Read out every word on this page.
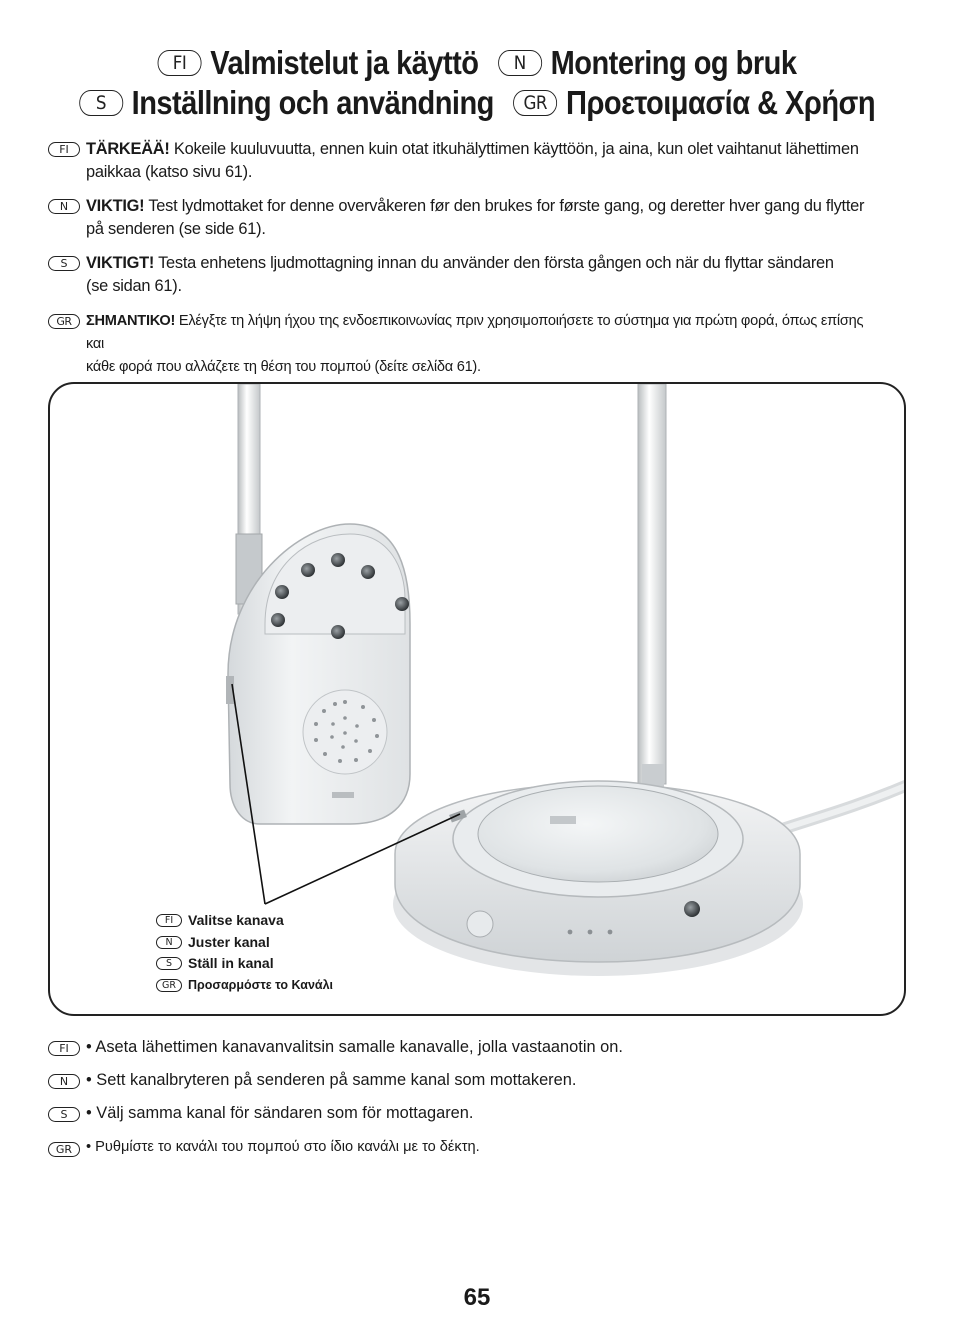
FI Valmistelut ja käyttö	N Montering og bruk
S Inställning och användning	GR Προετοιμασία & Χρήση
FI	TÄRKEÄÄ! Kokeile kuuluvuutta, ennen kuin otat itkuhälyttimen käyttöön, ja aina, kun olet vaihtanut lähettimen
paikkaa (katso sivu 61).
N	VIKTIG! Test lydmottaket for denne overvåkeren før den brukes for første gang, og deretter hver gang du flytter
på senderen (se side 61).
S	VIKTIGT! Testa enhetens ljudmottagning innan du använder den första gången och när du flyttar sändaren
(se sidan 61).
GR ΣΗΜΑΝΤΙΚΟ! Ελέγξτε τη λήψη ήχου της ενδοεπικοινωνίας πριν χρησιμοποιήσετε το σύστημα για πρώτη φορά, όπως επίσης και
κάθε φορά που αλλάζετε τη θέση του πομπού (δείτε σελίδα 61).
FI	Valitse kanava
N	Juster kanal
S	Ställ in kanal
GR Προσαρμόστε το Κανάλι
FI	• Aseta lähettimen kanavanvalitsin samalle kanavalle, jolla vastaanotin on.
N	• Sett kanalbryteren på senderen på samme kanal som mottakeren.
S	• Välj samma kanal för sändaren som för mottagaren.
GR • Ρυθμίστε το κανάλι του πομπού στο ίδιο κανάλι με το δέκτη.
65
